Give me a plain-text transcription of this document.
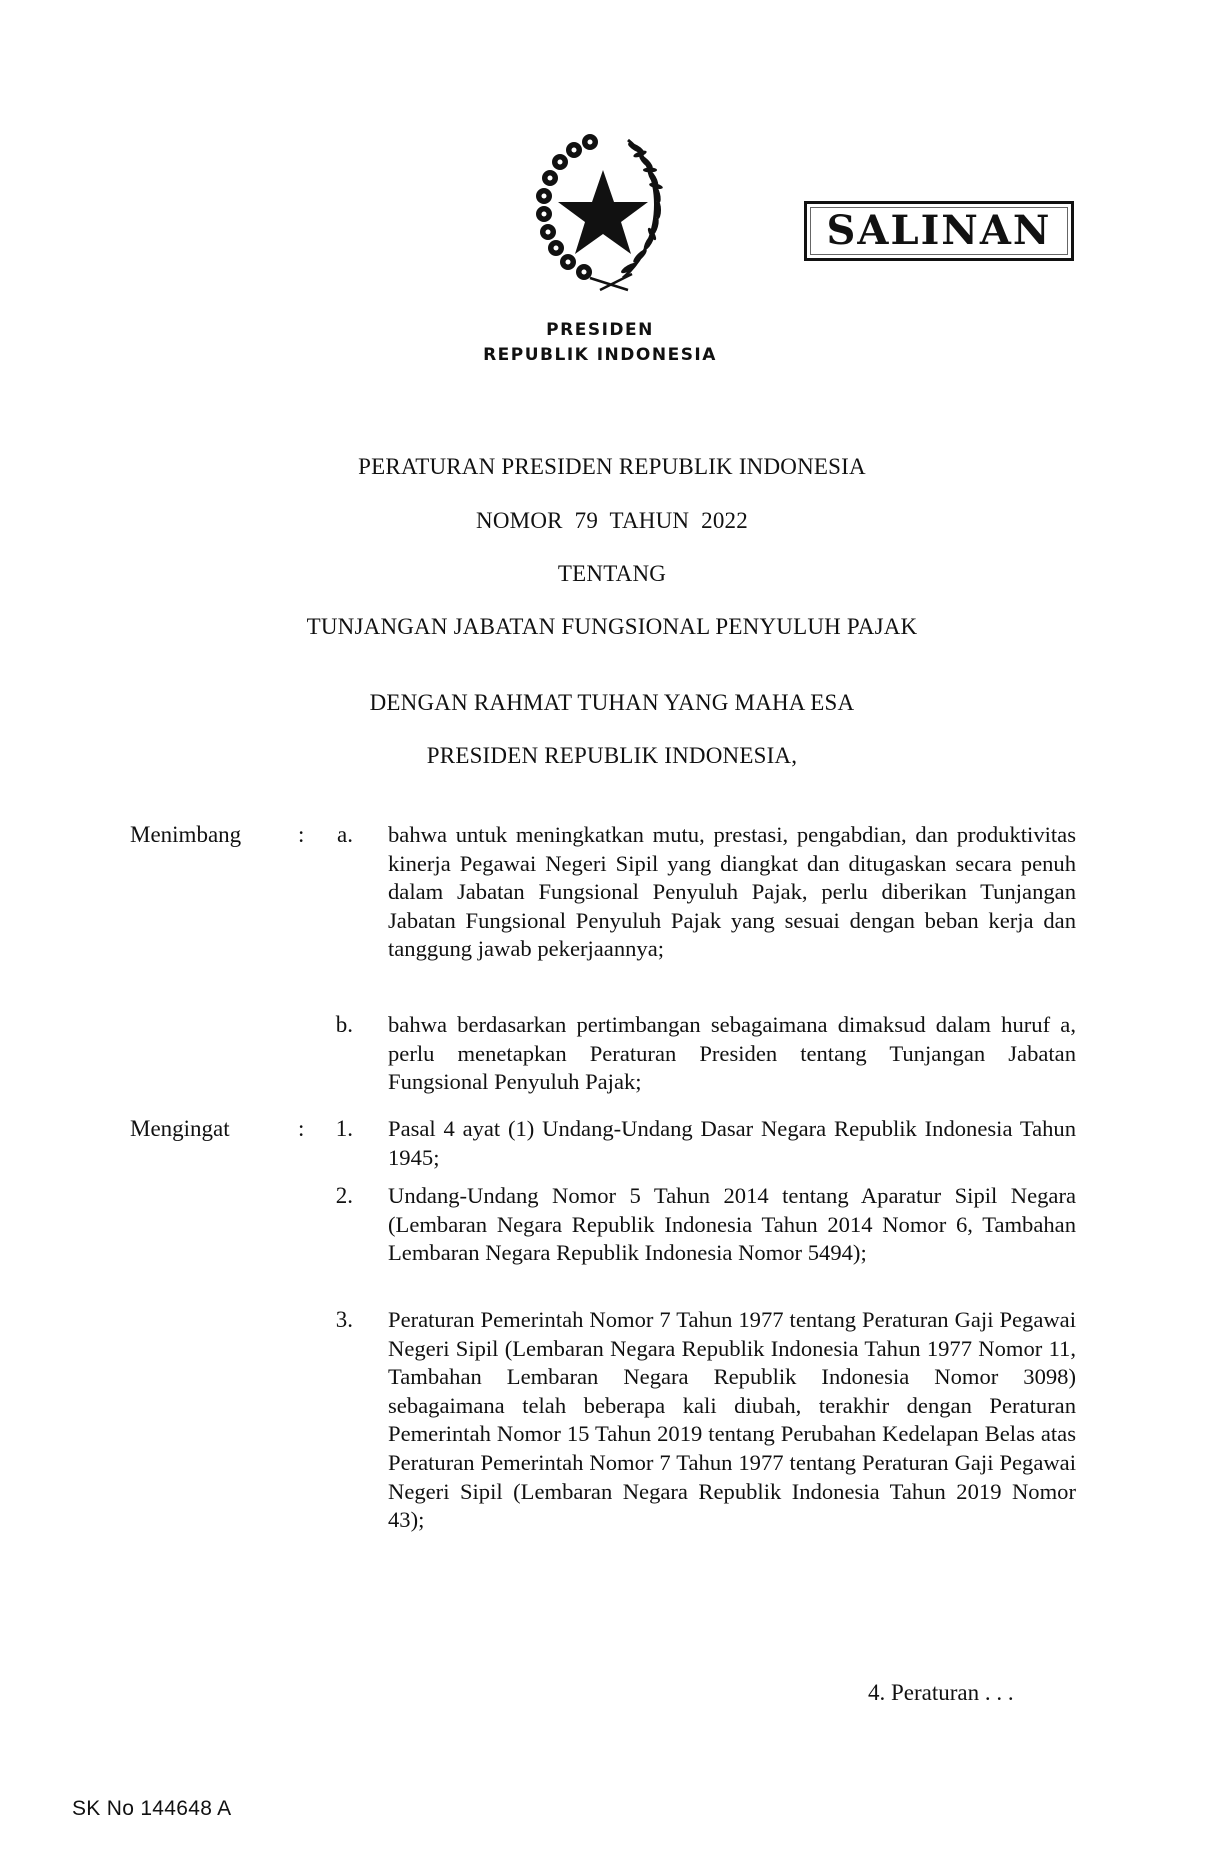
PRESIDEN
REPUBLIK INDONESIA
SALINAN
PERATURAN PRESIDEN REPUBLIK INDONESIA
NOMOR 79 TAHUN 2022
TENTANG
TUNJANGAN JABATAN FUNGSIONAL PENYULUH PAJAK
DENGAN RAHMAT TUHAN YANG MAHA ESA
PRESIDEN REPUBLIK INDONESIA,
Menimbang :	a. bahwa untuk meningkatkan mutu, prestasi, pengabdian, dan produktivitas kinerja Pegawai Negeri Sipil yang diangkat dan ditugaskan secara penuh dalam Jabatan Fungsional Penyuluh Pajak, perlu diberikan Tunjangan Jabatan Fungsional Penyuluh Pajak yang sesuai dengan beban kerja dan tanggung jawab pekerjaannya;
b. bahwa berdasarkan pertimbangan sebagaimana dimaksud dalam huruf a, perlu menetapkan Peraturan Presiden tentang Tunjangan Jabatan Fungsional Penyuluh Pajak;
Mengingat	:	1. Pasal 4 ayat (1) Undang-Undang Dasar Negara Republik Indonesia Tahun 1945;
2. Undang-Undang Nomor 5 Tahun 2014 tentang Aparatur Sipil Negara (Lembaran Negara Republik Indonesia Tahun 2014 Nomor 6, Tambahan Lembaran Negara Republik Indonesia Nomor 5494);
3. Peraturan Pemerintah Nomor 7 Tahun 1977 tentang Peraturan Gaji Pegawai Negeri Sipil (Lembaran Negara Republik Indonesia Tahun 1977 Nomor 11, Tambahan Lembaran Negara Republik Indonesia Nomor 3098) sebagaimana telah beberapa kali diubah, terakhir dengan Peraturan Pemerintah Nomor 15 Tahun 2019 tentang Perubahan Kedelapan Belas atas Peraturan Pemerintah Nomor 7 Tahun 1977 tentang Peraturan Gaji Pegawai Negeri Sipil (Lembaran Negara Republik Indonesia Tahun 2019 Nomor 43);
4. Peraturan . . .
SK No 144648 A
